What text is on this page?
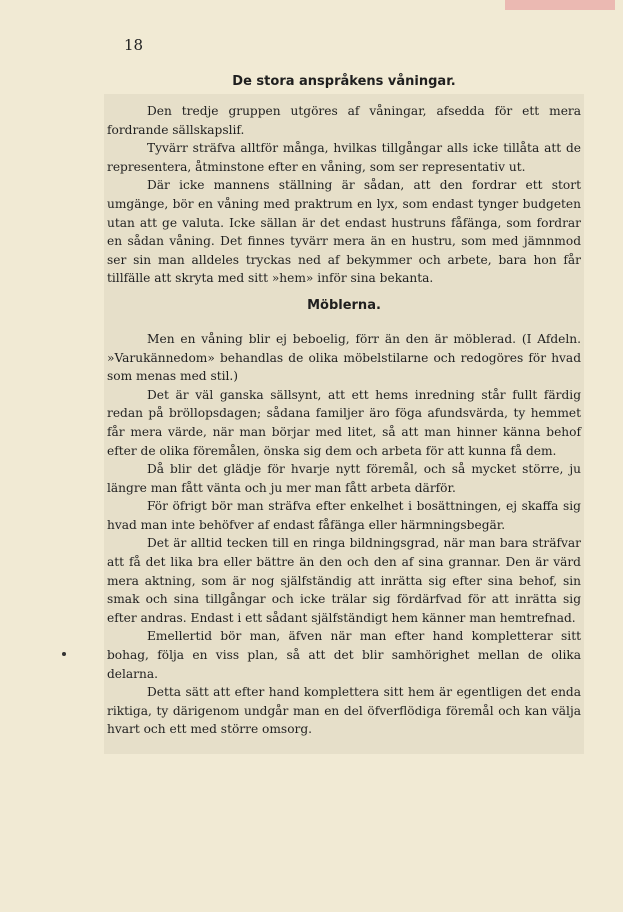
18
De stora anspråkens våningar.

Den tredje gruppen utgöres af våningar, afsedda för ett mera fordrande sällskapslif.

Tyvärr sträfva alltför många, hvilkas tillgångar alls icke tillåta att de representera, åtminstone efter en våning, som ser representativ ut.

Där icke mannens ställning är sådan, att den fordrar ett stort umgänge, bör en våning med praktrum en lyx, som endast tynger budgeten utan att ge valuta. Icke sällan är det endast hustruns fåfänga, som fordrar en sådan våning. Det finnes tyvärr mera än en hustru, som med jämnmod ser sin man alldeles tryckas ned af bekymmer och arbete, bara hon får tillfälle att skryta med sitt »hem» inför sina bekanta.

Möblerna.

Men en våning blir ej beboelig, förr än den är möblerad. (I Afdeln. »Varukännedom» behandlas de olika möbelstilarne och redogöres för hvad som menas med stil.)

Det är väl ganska sällsynt, att ett hems inredning står fullt färdig redan på bröllopsdagen; sådana familjer äro föga afundsvärda, ty hemmet får mera värde, när man börjar med litet, så att man hinner känna behof efter de olika föremålen, önska sig dem och arbeta för att kunna få dem.

Då blir det glädje för hvarje nytt föremål, och så mycket större, ju längre man fått vänta och ju mer man fått arbeta därför.

För öfrigt bör man sträfva efter enkelhet i bosättningen, ej skaffa sig hvad man inte behöfver af endast fåfänga eller härmningsbegär.

Det är alltid tecken till en ringa bildningsgrad, när man bara sträfvar att få det lika bra eller bättre än den och den af sina grannar. Den är värd mera aktning, som är nog själfständig att inrätta sig efter sina behof, sin smak och sina tillgångar och icke trälar sig fördärfvad för att inrätta sig efter andras. Endast i ett sådant själfständigt hem känner man hemtrefnad.

Emellertid bör man, äfven när man efter hand kompletterar sitt bohag, följa en viss plan, så att det blir samhörighet mellan de olika delarna.

Detta sätt att efter hand komplettera sitt hem är egentligen det enda riktiga, ty därigenom undgår man en del öfverflödiga föremål och kan välja hvart och ett med större omsorg.
